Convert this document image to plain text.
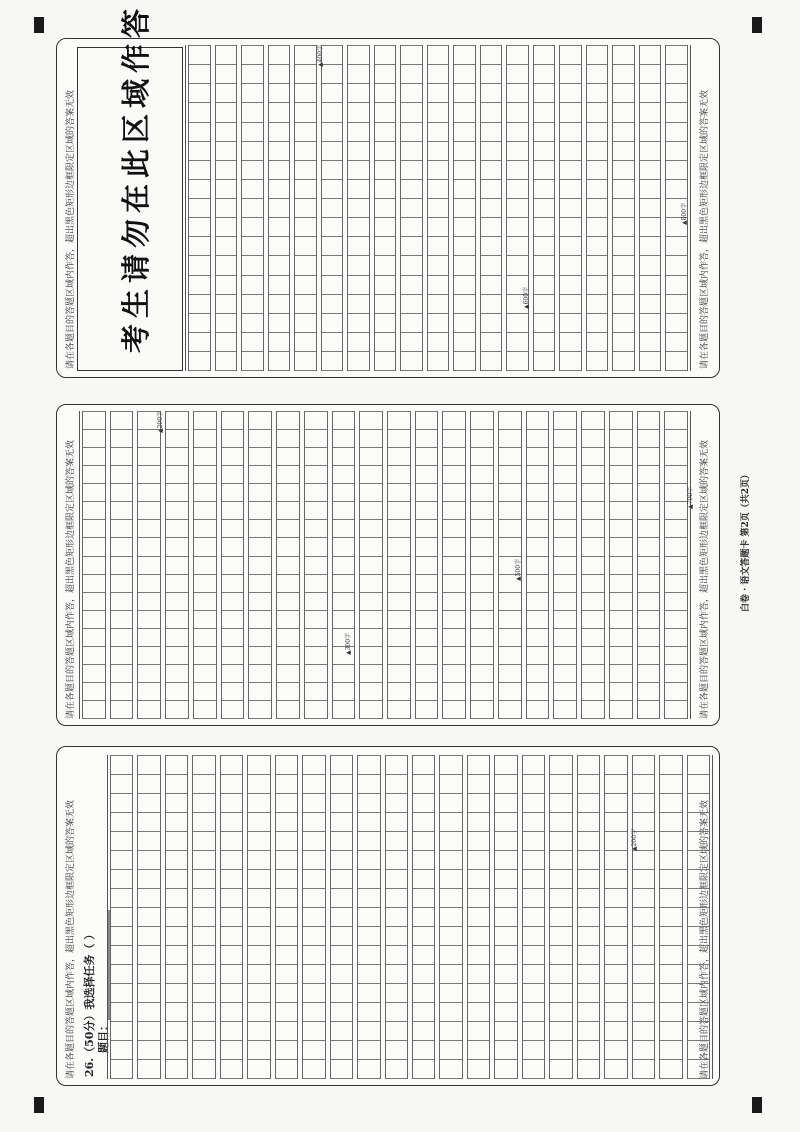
请在各题目的答题区域内作答，超出黑色矩形边框限定区域的答案无效	请在各题目的答题区域内作答，超出黑色矩形边框限定区域的答案无效
考生请勿在此区域作答	▲400字
▲600字
▲800字
请在各题目的答题区域内作答，超出黑色矩形边框限定区域的答案无效	请在各题目的答题区域内作答，超出黑色矩形边框限定区域的答案无效
▲200字
▲300字
▲500字
▲700字
请在各题目的答题区域内作答，超出黑色矩形边框限定区域的答案无效	请在各题目的答题区域内作答，超出黑色矩形边框限定区域的答案无效
26.（50分）我选择任务（ ） 题目：____________________
▲200字
白卷 · 语文答题卡 第2页（共2页）
